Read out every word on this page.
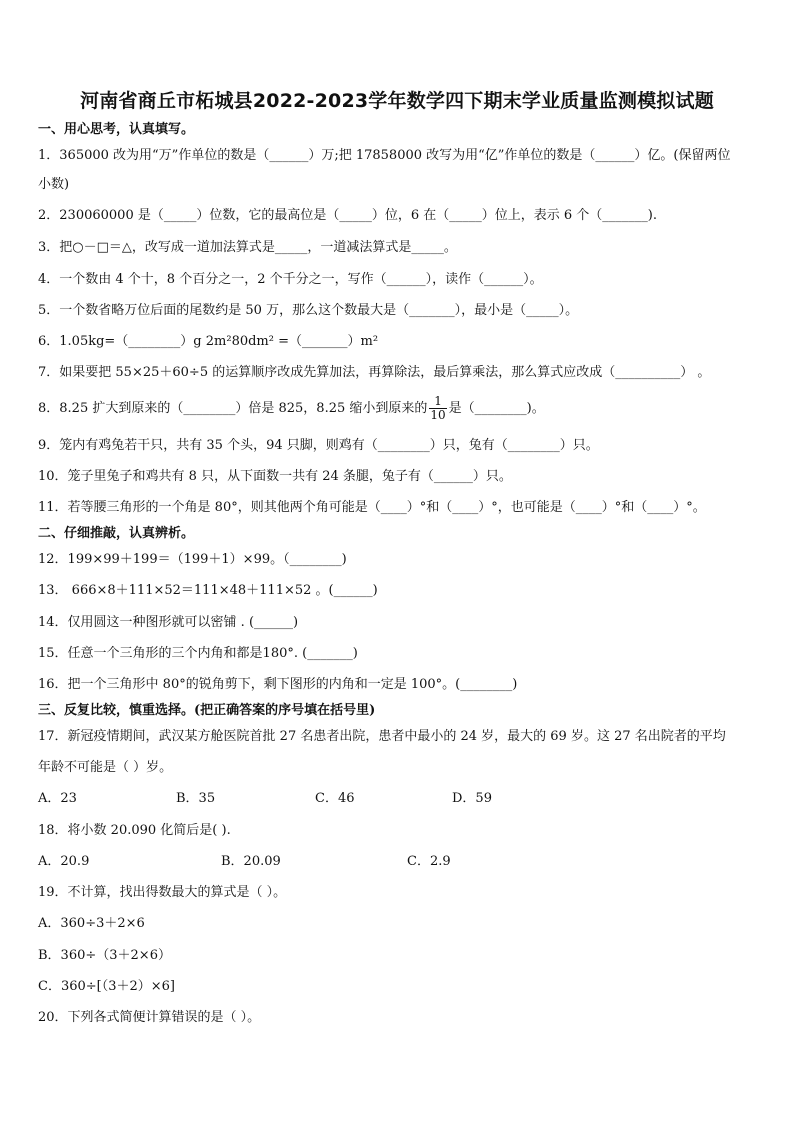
河南省商丘市柘城县2022-2023学年数学四下期末学业质量监测模拟试题
一、用心思考，认真填写。
1．365000 改为用“万”作单位的数是（______）万;把 17858000 改写为用“亿”作单位的数是（______）亿。(保留两位
小数)
2．230060000 是（_____）位数，它的最高位是（_____）位，6 在（_____）位上，表示 6 个（_______).
3．把○－□＝△，改写成一道加法算式是_____，一道减法算式是_____。
4．一个数由 4 个十，8 个百分之一，2 个千分之一，写作（______），读作（______）。
5．一个数省略万位后面的尾数约是 50 万，那么这个数最大是（_______），最小是（_____）。
6．1.05kg=（________）g 2m²80dm² =（_______）m²
7．如果要把 55×25＋60÷5 的运算顺序改成先算加法，再算除法，最后算乘法，那么算式应改成（__________） 。
8．8.25 扩大到原来的（________）倍是 825，8.25 缩小到原来的 $\frac{1}{10}$ 是（________)。
9．笼内有鸡兔若干只，共有 35 个头，94 只脚，则鸡有（________）只，兔有（________）只。
10．笼子里兔子和鸡共有 8 只，从下面数一共有 24 条腿，兔子有（______）只。
11．若等腰三角形的一个角是 80°，则其他两个角可能是（____）°和（____）°，也可能是（____）°和（____）°。
二、仔细推敲，认真辨析。
12．199×99＋199＝（199＋1）×99。（________)
13． 666×8＋111×52＝111×48＋111×52 。(______)
14．仅用圆这一种图形就可以密铺 . (______)
15．任意一个三角形的三个内角和都是180°. (_______)
16．把一个三角形中 80°的锐角剪下，剩下图形的内角和一定是 100°。(________)
三、反复比较，慎重选择。(把正确答案的序号填在括号里)
17．新冠疫情期间，武汉某方舱医院首批 27 名患者出院，患者中最小的 24 岁，最大的 69 岁。这 27 名出院者的平均
年龄不可能是（ ）岁。
A．23	B．35	C．46	D．59
18．将小数 20.090 化简后是( ).
A．20.9	B．20.09	C．2.9
19．不计算，找出得数最大的算式是（ ）。
A．360÷3＋2×6
B．360÷（3＋2×6）
C．360÷[（3＋2）×6]
20．下列各式简便计算错误的是（ ）。
